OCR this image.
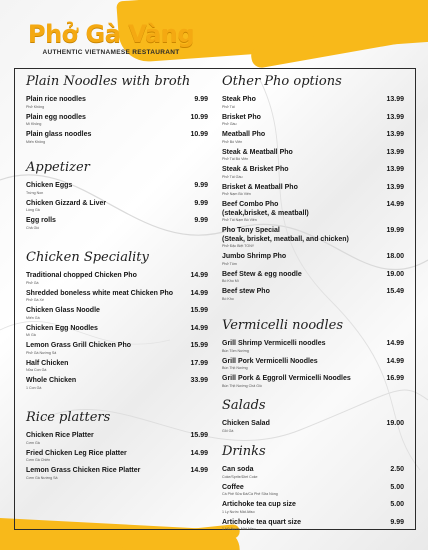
Phở Gà Vàng
AUTHENTIC VIETNAMESE RESTAURANT
Plain Noodles with broth
Plain rice noodles	9.99
Phở Không
Plain egg noodles	10.99
Mì Không
Plain glass noodles	10.99
Miến Không
Appetizer
Chicken Eggs	9.99
Trứng Non
Chicken Gizzard & Liver	9.99
Lòng Gà
Egg rolls	9.99
Chả Giò
Chicken Speciality
Traditional chopped Chicken Pho	14.99
Phở Gà
Shredded boneless white meat Chicken Pho	14.99
Phở Gà Xé
Chicken Glass Noodle	15.99
Miến Gà
Chicken Egg Noodles	14.99
Mì Gà
Lemon Grass Grill Chicken Pho	15.99
Phở Gà Nướng Sả
Half Chicken	17.99
Nửa Con Gà
Whole Chicken	33.99
1 Con Gà
Rice platters
Chicken Rice Platter	15.99
Cơm Gà
Fried Chicken Leg Rice platter	14.99
Cơm Gà Chiên
Lemon Grass Chicken Rice Platter	14.99
Cơm Gà Nướng Sả
Other Pho options
Steak Pho	13.99
Phở Tái
Brisket Pho	13.99
Phở Gầu
Meatball Pho	13.99
Phở Bò Viên
Steak & Meatball Pho	13.99
Phở Tái Bò Viên
Steak & Brisket Pho	13.99
Phở Tái Gầu
Brisket & Meatball Pho	13.99
Phở Nạm Bò Viên
Beef Combo Pho
(steak,brisket, & meatball)
14.99
Phở Tái Nạm Bò Viên
Pho Tony Special
(Steak, brisket, meatball, and chicken)
19.99
Phở Đặc Biệt TONY
Jumbo Shrimp Pho	18.00
Phở Tôm
Beef Stew & egg noodle	19.00
Bò Kho Mì
Beef stew Pho	15.49
Bò Kho
Vermicelli noodles
Grill Shrimp Vermicelli noodles	14.99
Bún Tôm Nướng
Grill Pork Vermicelli Noodles	14.99
Bún Thịt Nướng
Grill Pork & Eggroll Vermicelli Noodles	16.99
Bún Thịt Nướng Chả Giò
Salads
Chicken Salad	19.00
Gỏi Gà
Drinks
Can soda	2.50
Coke/Sprite/Diet Coke
Coffee	5.00
Cà Phê Sữa Đá/Cà Phê Sữa Nóng
Artichoke tea cup size	5.00
1 Ly Nước Mát Atiso
Artichoke tea quart size	9.99
1 Hũ Nước Mát Atiso
